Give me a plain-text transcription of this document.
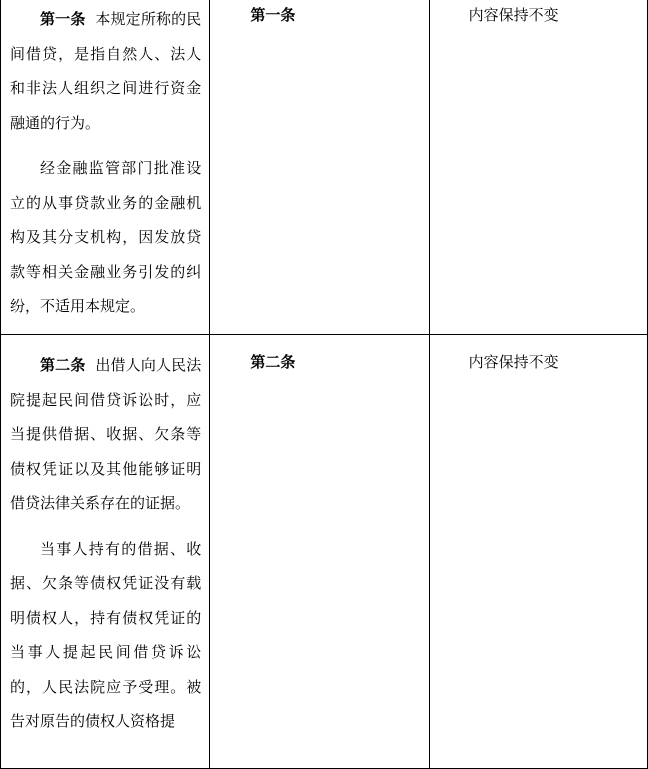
第一条 本规定所称的民间借贷，是指自然人、法人和非法人组织之间进行资金融通的行为。

经金融监管部门批准设立的从事贷款业务的金融机构及其分支机构，因发放贷款等相关金融业务引发的纠纷，不适用本规定。	第一条	内容保持不变

第二条 出借人向人民法院提起民间借贷诉讼时，应当提供借据、收据、欠条等债权凭证以及其他能够证明借贷法律关系存在的证据。

当事人持有的借据、收据、欠条等债权凭证没有载明债权人，持有债权凭证的当事人提起民间借贷诉讼的，人民法院应予受理。被告对原告的债权人资格提	第二条	内容保持不变
